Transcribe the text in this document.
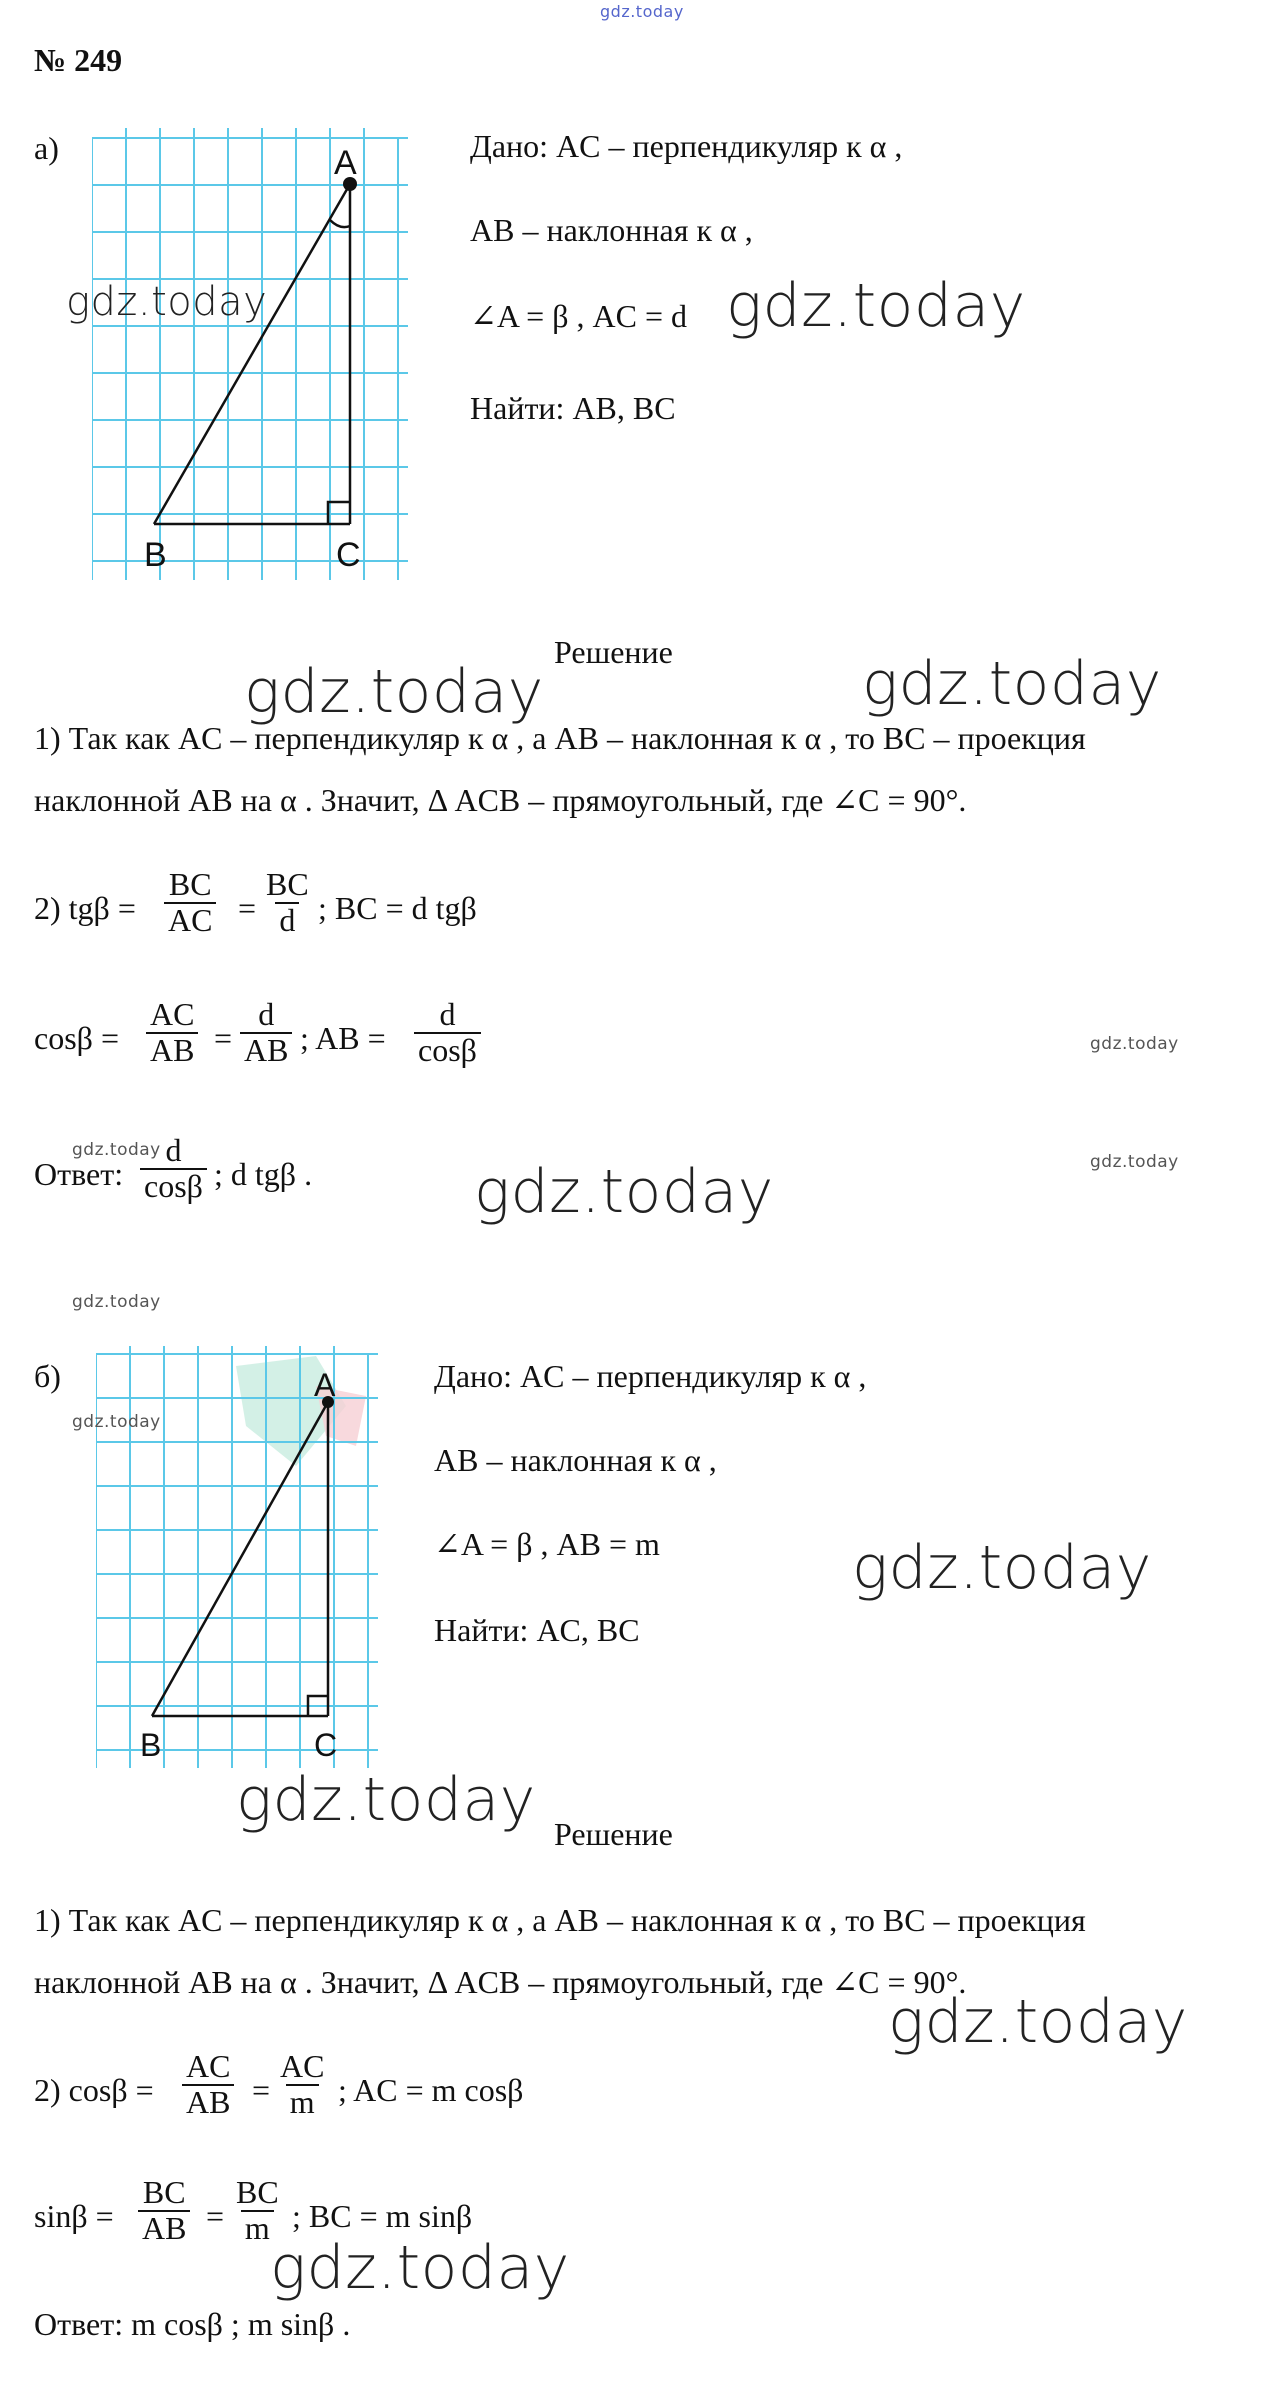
gdz.today
№ 249
а)	A
B	C
Дано: AC – перпендикуляр к α ,
AB – наклонная к α ,
∠A = β , AC = d
Найти: AB, BC
Решение
1) Так как AC – перпендикуляр к α , а AB – наклонная к α , то BC – проекция
наклонной AB на α . Значит, Δ ACB – прямоугольный, где ∠C = 90°.
2) $tg\beta = \frac{BC}{AC} = \frac{BC}{d}$ ; BC = d tgβ
$\cos\beta = \frac{AC}{AB} = \frac{d}{AB}$ ; AB = $\frac{d}{\cos\beta}$
Ответ: $\frac{d}{\cos\beta}$ ; d tgβ .
б)	A
B	C
Дано: AC – перпендикуляр к α ,
AB – наклонная к α ,
∠A = β , AB = m
Найти: AC, BC
Решение
1) Так как AC – перпендикуляр к α , а AB – наклонная к α , то BC – проекция
наклонной AB на α . Значит, Δ ACB – прямоугольный, где ∠C = 90°.
2) $\cos\beta = \frac{AC}{AB} = \frac{AC}{m}$ ; AC = m cosβ
$\sin\beta = \frac{BC}{AB} = \frac{BC}{m}$ ; BC = m sinβ
Ответ: m cosβ ; m sinβ .
gdz.today	gdz.today
gdz.today	gdz.today
gdz.today
gdz.today
gdz.today	gdz.today
gdz.today
gdz.today
gdz.today
gdz.today
gdz.today
gdz.today
